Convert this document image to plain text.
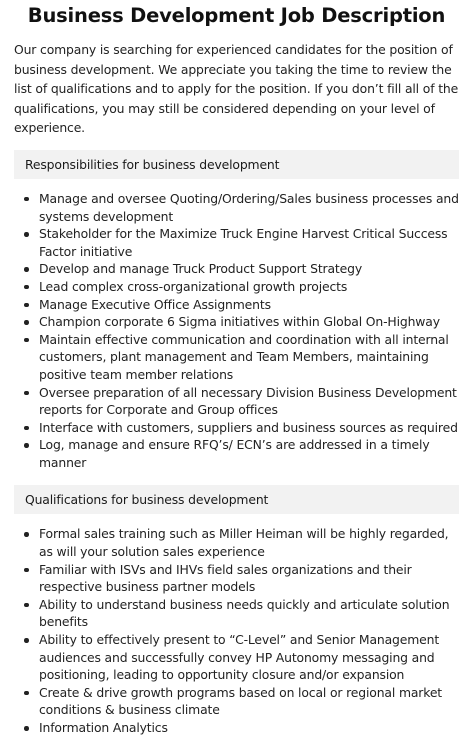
Business Development Job Description

Our company is searching for experienced candidates for the position of business development. We appreciate you taking the time to review the list of qualifications and to apply for the position. If you don’t fill all of the qualifications, you may still be considered depending on your level of experience.

Responsibilities for business development
Manage and oversee Quoting/Ordering/Sales business processes and systems development
Stakeholder for the Maximize Truck Engine Harvest Critical Success Factor initiative
Develop and manage Truck Product Support Strategy
Lead complex cross-organizational growth projects
Manage Executive Office Assignments
Champion corporate 6 Sigma initiatives within Global On-Highway
Maintain effective communication and coordination with all internal customers, plant management and Team Members, maintaining positive team member relations
Oversee preparation of all necessary Division Business Development reports for Corporate and Group offices
Interface with customers, suppliers and business sources as required
Log, manage and ensure RFQ’s/ ECN’s are addressed in a timely manner
Qualifications for business development
Formal sales training such as Miller Heiman will be highly regarded, as will your solution sales experience
Familiar with ISVs and IHVs field sales organizations and their respective business partner models
Ability to understand business needs quickly and articulate solution benefits
Ability to effectively present to “C-Level” and Senior Management audiences and successfully convey HP Autonomy messaging and positioning, leading to opportunity closure and/or expansion
Create & drive growth programs based on local or regional market conditions & business climate
Information Analytics
